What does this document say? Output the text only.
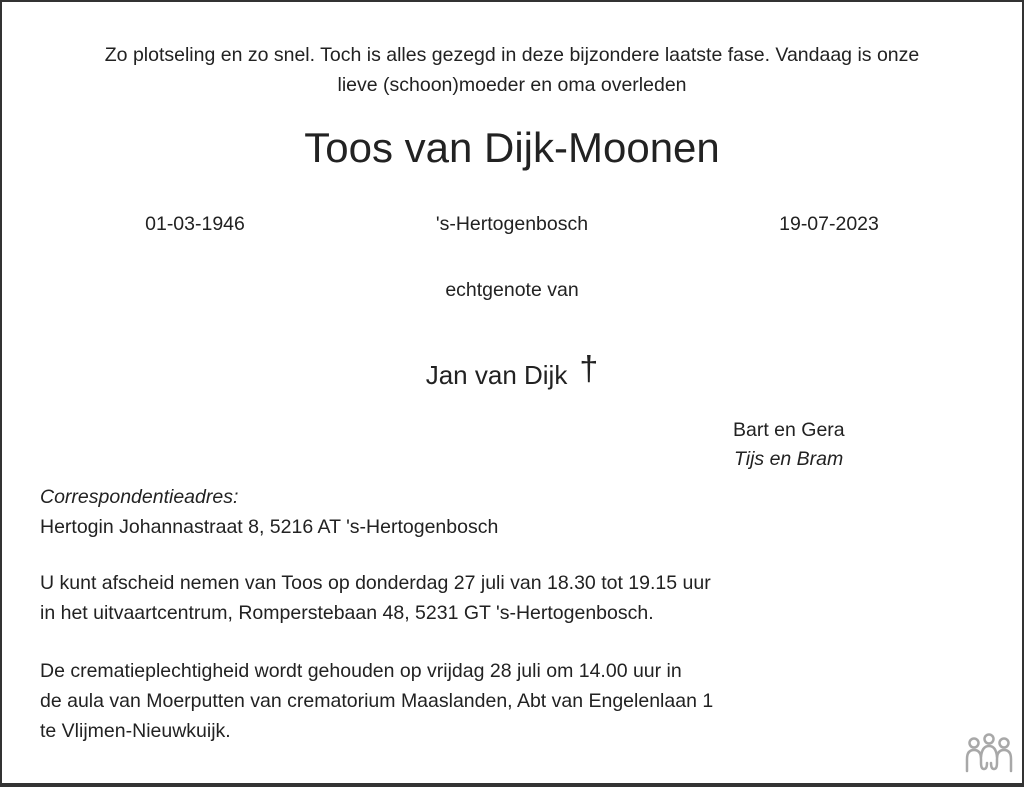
Zo plotseling en zo snel. Toch is alles gezegd in deze bijzondere laatste fase. Vandaag is onze
lieve (schoon)moeder en oma overleden
Toos van Dijk-Moonen
01-03-1946	's-Hertogenbosch	19-07-2023
echtgenote van
Jan van Dijk †
Bart en Gera
Tijs en Bram
Correspondentieadres:
Hertogin Johannastraat 8, 5216 AT 's-Hertogenbosch
U kunt afscheid nemen van Toos op donderdag 27 juli van 18.30 tot 19.15 uur
in het uitvaartcentrum, Romperstebaan 48, 5231 GT 's-Hertogenbosch.
De crematieplechtigheid wordt gehouden op vrijdag 28 juli om 14.00 uur in
de aula van Moerputten van crematorium Maaslanden, Abt van Engelenlaan 1
te Vlijmen-Nieuwkuijk.
